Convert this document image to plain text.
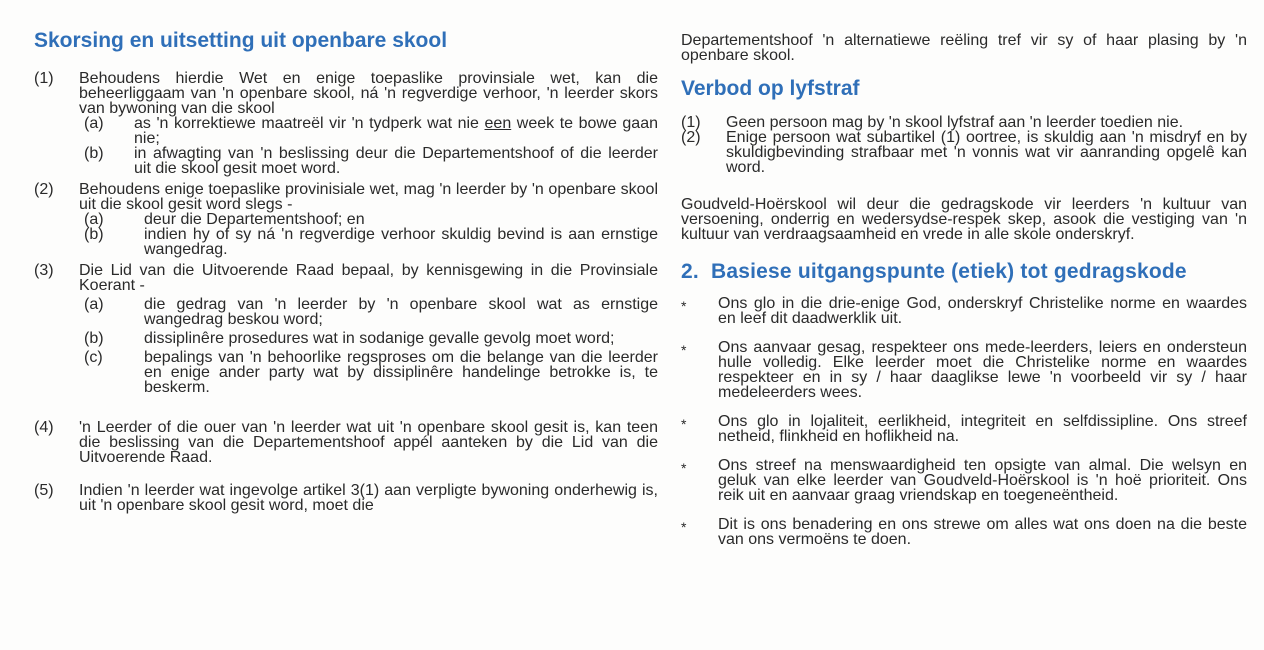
Skorsing en uitsetting uit openbare skool
(1) Behoudens hierdie Wet en enige toepaslike provinsiale wet, kan die beheerliggaam van 'n openbare skool, ná 'n regverdige verhoor, 'n leerder skors van bywoning van die skool

(a)	as 'n korrektiewe maatreël vir 'n tydperk wat nie een week te bowe gaan nie;

(b)	in afwagting van 'n beslissing deur die Departementshoof of die leerder uit die skool gesit moet word.

(2) Behoudens enige toepaslike provinisiale wet, mag 'n leerder by 'n openbare skool uit die skool gesit word slegs -

(a)	deur die Departementshoof; en

(b)	indien hy of sy ná 'n regverdige verhoor skuldig bevind is aan ernstige wangedrag.

(3) Die Lid van die Uitvoerende Raad bepaal, by kennisgewing in die Provinsiale Koerant -

(a)	die gedrag van 'n leerder by 'n openbare skool wat as ernstige wangedrag beskou word;

(b)	dissiplinêre prosedures wat in sodanige gevalle gevolg moet word;

(c)	bepalings van 'n behoorlike regsproses om die belange van die leerder en enige ander party wat by dissiplinêre handelinge betrokke is, te beskerm.

(4) 'n Leerder of die ouer van 'n leerder wat uit 'n openbare skool gesit is, kan teen die beslissing van die Departementshoof appél aanteken by die Lid van die Uitvoerende Raad.

(5) Indien 'n leerder wat ingevolge artikel 3(1) aan verpligte bywoning onderhewig is, uit 'n openbare skool gesit word, moet die

Departementshoof 'n alternatiewe reëling tref vir sy of haar plasing by 'n openbare skool.

Verbod op lyfstraf
(1) Geen persoon mag by 'n skool lyfstraf aan 'n leerder toedien nie.

(2) Enige persoon wat subartikel (1) oortree, is skuldig aan 'n misdryf en by skuldigbevinding strafbaar met 'n vonnis wat vir aanranding opgelê kan word.

Goudveld-Hoërskool wil deur die gedragskode vir leerders 'n kultuur van versoening, onderrig en wedersydse-respek skep, asook die vestiging van 'n kultuur van verdraagsaamheid en vrede in alle skole onderskryf.

2. Basiese uitgangspunte (etiek) tot gedragskode
* Ons glo in die drie-enige God, onderskryf Christelike norme en waardes en leef dit daadwerklik uit.

* Ons aanvaar gesag, respekteer ons mede-leerders, leiers en ondersteun hulle volledig. Elke leerder moet die Christelike norme en waardes respekteer en in sy / haar daaglikse lewe 'n voorbeeld vir sy / haar medeleerders wees.

* Ons glo in lojaliteit, eerlikheid, integriteit en selfdissipline. Ons streef netheid, flinkheid en hoflikheid na.

* Ons streef na menswaardigheid ten opsigte van almal. Die welsyn en geluk van elke leerder van Goudveld-Hoërskool is 'n hoë prioriteit. Ons reik uit en aanvaar graag vriendskap en toegeneëntheid.

* Dit is ons benadering en ons strewe om alles wat ons doen na die beste van ons vermoëns te doen.
